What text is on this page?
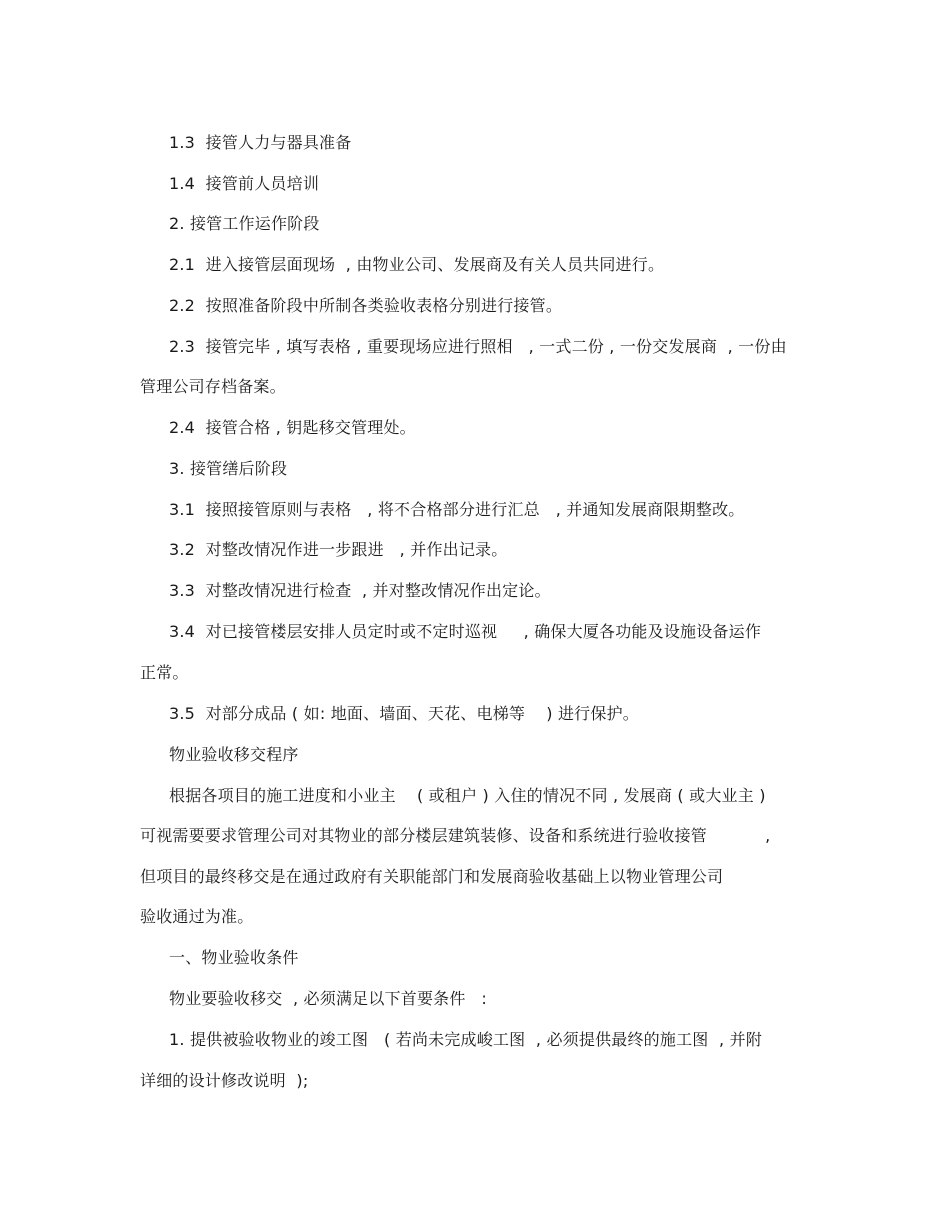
1.3  接管人力与器具准备
1.4  接管前人员培训
2. 接管工作运作阶段
2.1  进入接管层面现场  , 由物业公司、发展商及有关人员共同进行。
2.2  按照准备阶段中所制各类验收表格分别进行接管。
2.3  接管完毕 , 填写表格 , 重要现场应进行照相   , 一式二份 , 一份交发展商  , 一份由
管理公司存档备案。
2.4  接管合格 , 钥匙移交管理处。
3. 接管缮后阶段
3.1  接照接管原则与表格   , 将不合格部分进行汇总   , 并通知发展商限期整改。
3.2  对整改情况作进一步跟进   , 并作出记录。
3.3  对整改情况进行检查  , 并对整改情况作出定论。
3.4  对已接管楼层安排人员定时或不定时巡视     , 确保大厦各功能及设施设备运作
正常。
3.5  对部分成品 ( 如: 地面、墙面、天花、电梯等    ) 进行保护。
物业验收移交程序
根据各项目的施工进度和小业主    ( 或租户 ) 入住的情况不同 , 发展商 ( 或大业主 )
可视需要要求管理公司对其物业的部分楼层建筑装修、设备和系统进行验收接管           ,
但项目的最终移交是在通过政府有关职能部门和发展商验收基础上以物业管理公司
验收通过为准。
一、物业验收条件
物业要验收移交  , 必须满足以下首要条件   :
1. 提供被验收物业的竣工图   ( 若尚未完成峻工图  , 必须提供最终的施工图  , 并附
详细的设计修改说明  );
